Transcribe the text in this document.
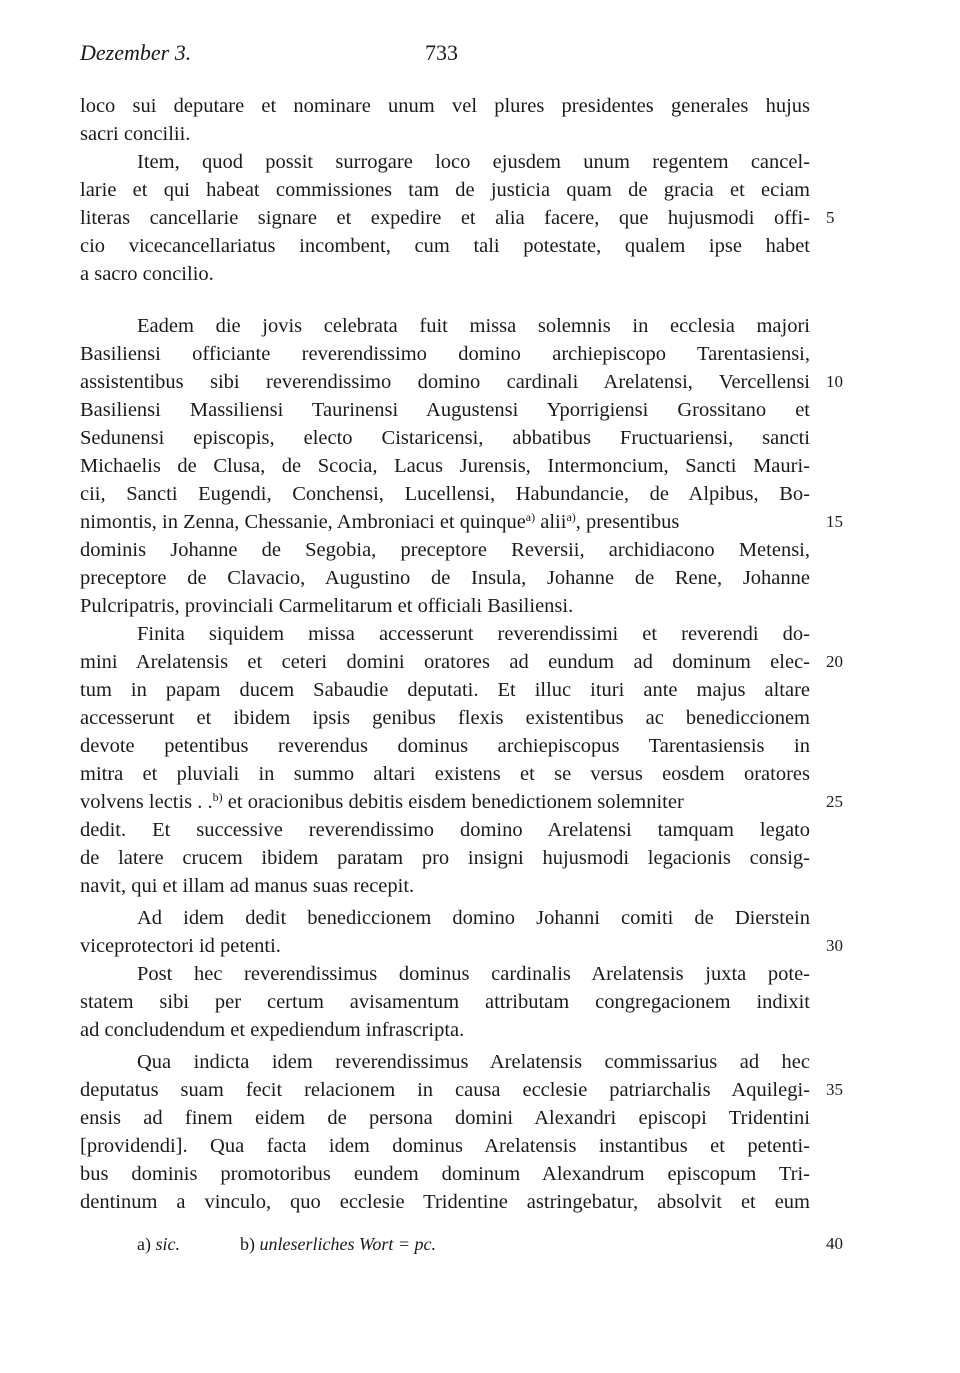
Dezember 3.	733
loco sui deputare et nominare unum vel plures presidentes generales hujus
sacri concilii.
Item, quod possit surrogare loco ejusdem unum regentem cancel-
larie et qui habeat commissiones tam de justicia quam de gracia et eciam
literas cancellarie signare et expedire et alia facere, que hujusmodi offi-
cio vicecancellariatus incombent, cum tali potestate, qualem ipse habet
a sacro concilio.
Eadem die jovis celebrata fuit missa solemnis in ecclesia majori
Basiliensi officiante reverendissimo domino archiepiscopo Tarentasiensi,
assistentibus sibi reverendissimo domino cardinali Arelatensi, Vercellensi
Basiliensi Massiliensi Taurinensi Augustensi Yporrigiensi Grossitano et
Sedunensi episcopis, electo Cistaricensi, abbatibus Fructuariensi, sancti
Michaelis de Clusa, de Scocia, Lacus Jurensis, Intermoncium, Sancti Mauri-
cii, Sancti Eugendi, Conchensi, Lucellensi, Habundancie, de Alpibus, Bo-
nimontis, in Zenna, Chessanie, Ambroniaci et quinque$^{a)}$ alii$^{a)}$, presentibus
dominis Johanne de Segobia, preceptore Reversii, archidiacono Metensi,
preceptore de Clavacio, Augustino de Insula, Johanne de Rene, Johanne
Pulcripatris, provinciali Carmelitarum et officiali Basiliensi.
Finita siquidem missa accesserunt reverendissimi et reverendi do-
mini Arelatensis et ceteri domini oratores ad eundum ad dominum elec-
tum in papam ducem Sabaudie deputati. Et illuc ituri ante majus altare
accesserunt et ibidem ipsis genibus flexis existentibus ac benediccionem
devote petentibus reverendus dominus archiepiscopus Tarentasiensis in
mitra et pluviali in summo altari existens et se versus eosdem oratores
volvens lectis . .$^{b)}$ et oracionibus debitis eisdem benedictionem solemniter
dedit. Et successive reverendissimo domino Arelatensi tamquam legato
de latere crucem ibidem paratam pro insigni hujusmodi legacionis consig-
navit, qui et illam ad manus suas recepit.
Ad idem dedit benediccionem domino Johanni comiti de Dierstein
viceprotectori id petenti.
Post hec reverendissimus dominus cardinalis Arelatensis juxta pote-
statem sibi per certum avisamentum attributam congregacionem indixit
ad concludendum et expediendum infrascripta.
Qua indicta idem reverendissimus Arelatensis commissarius ad hec
deputatus suam fecit relacionem in causa ecclesie patriarchalis Aquilegi-
ensis ad finem eidem de persona domini Alexandri episcopi Tridentini
[providendi]. Qua facta idem dominus Arelatensis instantibus et petenti-
bus dominis promotoribus eundem dominum Alexandrum episcopum Tri-
dentinum a vinculo, quo ecclesie Tridentine astringebatur, absolvit et eum
5
10
15
20
25
30
35
40
a) sic.	b) unleserliches Wort = pc.
